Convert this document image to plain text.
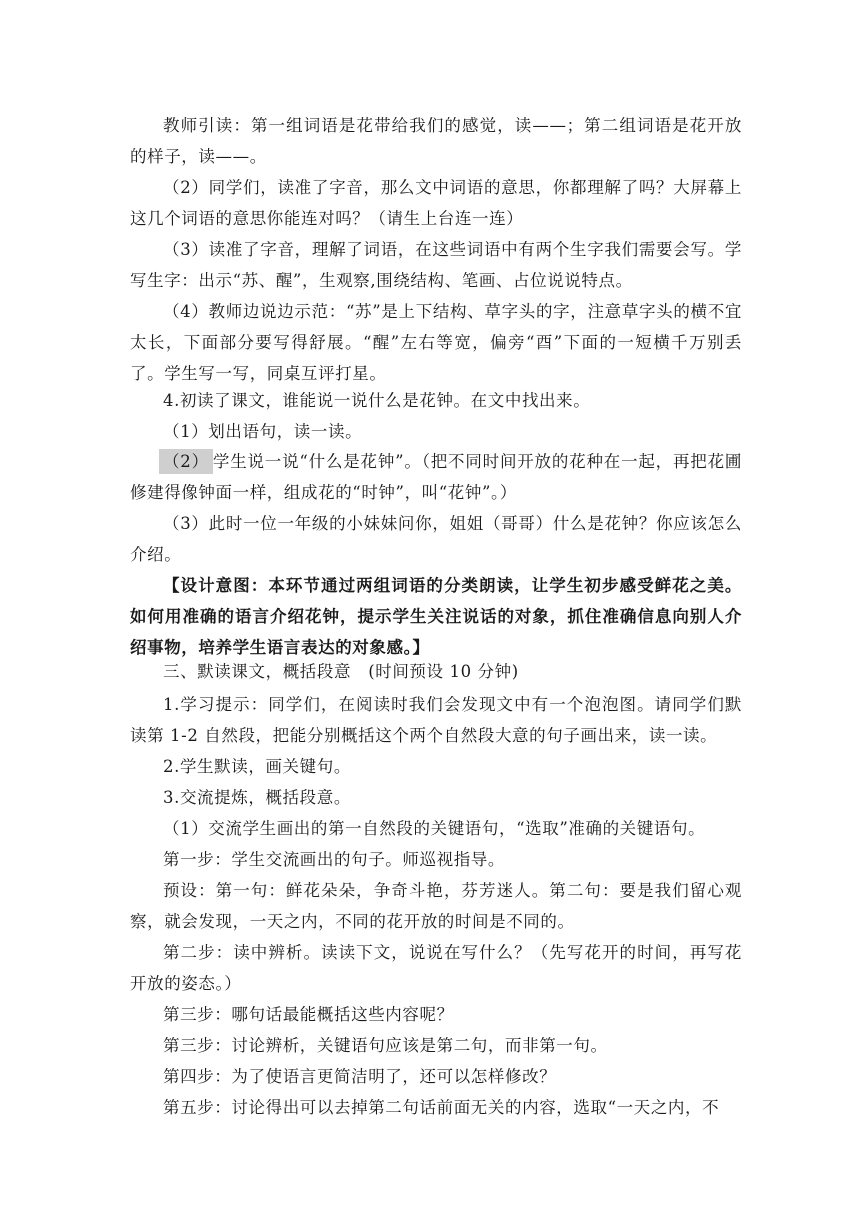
教师引读：第一组词语是花带给我们的感觉，读——；第二组词语是花开放的样子，读——。

（2）同学们，读准了字音，那么文中词语的意思，你都理解了吗？大屏幕上这几个词语的意思你能连对吗？（请生上台连一连）

（3）读准了字音，理解了词语，在这些词语中有两个生字我们需要会写。学写生字：出示“苏、醒”，生观察,围绕结构、笔画、占位说说特点。

（4）教师边说边示范：“苏”是上下结构、草字头的字，注意草字头的横不宜太长，下面部分要写得舒展。“醒”左右等宽，偏旁“酉”下面的一短横千万别丢了。学生写一写，同桌互评打星。

4.初读了课文，谁能说一说什么是花钟。在文中找出来。

（1）划出语句，读一读。

（2） 学生说一说“什么是花钟”。（把不同时间开放的花种在一起，再把花圃修建得像钟面一样，组成花的“时钟”，叫“花钟”。）

（3）此时一位一年级的小妹妹问你，姐姐（哥哥）什么是花钟？你应该怎么介绍。

【设计意图：本环节通过两组词语的分类朗读，让学生初步感受鲜花之美。如何用准确的语言介绍花钟，提示学生关注说话的对象，抓住准确信息向别人介绍事物，培养学生语言表达的对象感。】

三、默读课文，概括段意　(时间预设 10 分钟)

1.学习提示：同学们，在阅读时我们会发现文中有一个泡泡图。请同学们默读第 1-2 自然段，把能分别概括这个两个自然段大意的句子画出来，读一读。

2.学生默读，画关键句。

3.交流提炼，概括段意。

（1）交流学生画出的第一自然段的关键语句，“选取”准确的关键语句。

第一步：学生交流画出的句子。师巡视指导。

预设：第一句：鲜花朵朵，争奇斗艳，芬芳迷人。第二句：要是我们留心观察，就会发现，一天之内，不同的花开放的时间是不同的。

第二步：读中辨析。读读下文，说说在写什么？（先写花开的时间，再写花开放的姿态。）

第三步：哪句话最能概括这些内容呢？

第三步：讨论辨析，关键语句应该是第二句，而非第一句。

第四步：为了使语言更简洁明了，还可以怎样修改？

第五步：讨论得出可以去掉第二句话前面无关的内容，选取“一天之内，不
